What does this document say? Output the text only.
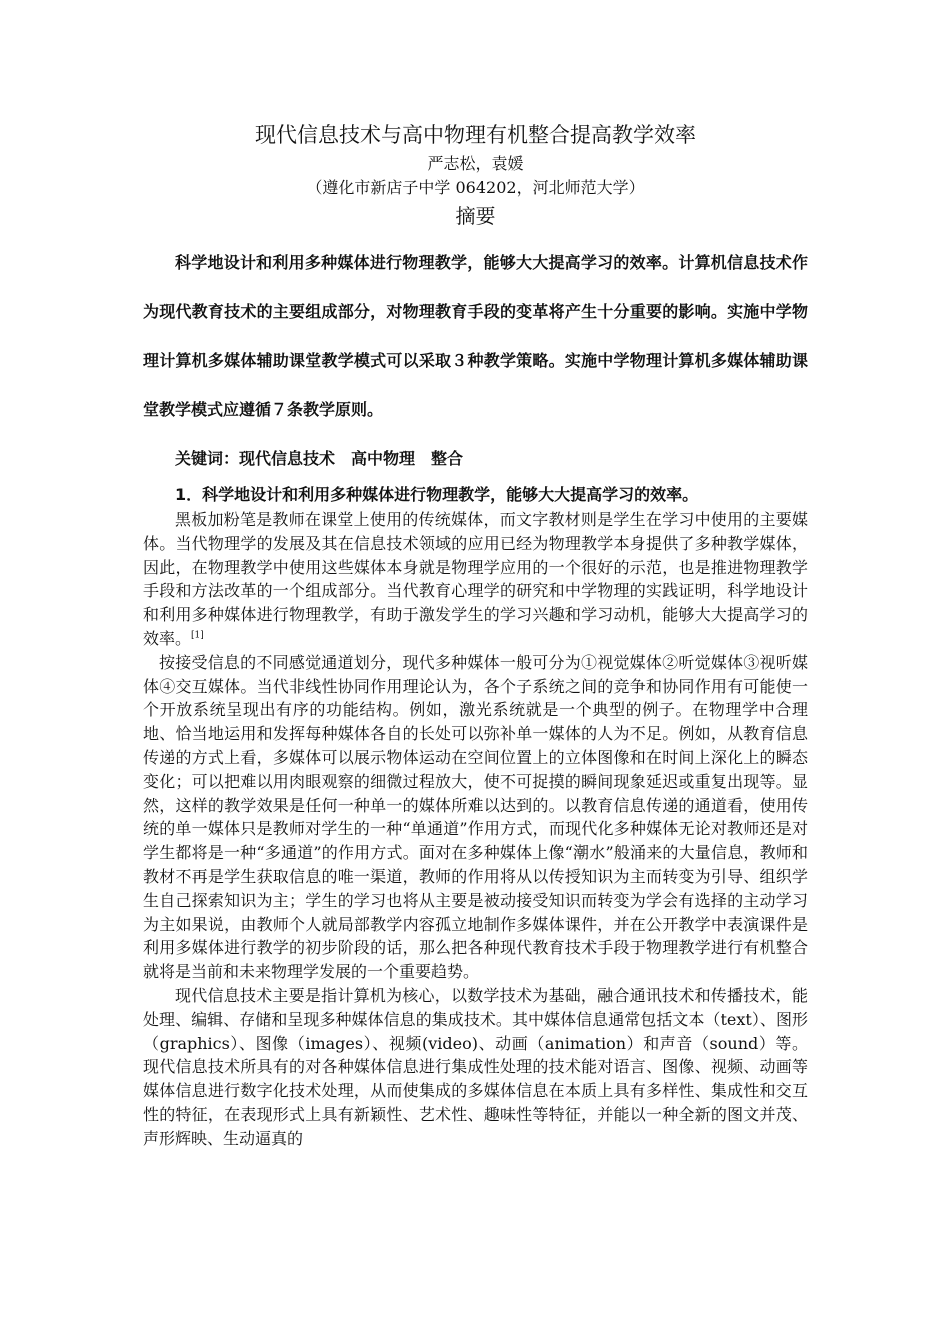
现代信息技术与高中物理有机整合提高教学效率

严志松，袁媛

（遵化市新店子中学 064202，河北师范大学）

摘要

科学地设计和利用多种媒体进行物理教学，能够大大提高学习的效率。计算机信息技术作为现代教育技术的主要组成部分，对物理教育手段的变革将产生十分重要的影响。实施中学物理计算机多媒体辅助课堂教学模式可以采取３种教学策略。实施中学物理计算机多媒体辅助课堂教学模式应遵循７条教学原则。

关键词：现代信息技术　高中物理　整合

1．科学地设计和利用多种媒体进行物理教学，能够大大提高学习的效率。

黑板加粉笔是教师在课堂上使用的传统媒体，而文字教材则是学生在学习中使用的主要媒体。当代物理学的发展及其在信息技术领域的应用已经为物理教学本身提供了多种教学媒体，因此，在物理教学中使用这些媒体本身就是物理学应用的一个很好的示范，也是推进物理教学手段和方法改革的一个组成部分。当代教育心理学的研究和中学物理的实践证明，科学地设计和利用多种媒体进行物理教学，有助于激发学生的学习兴趣和学习动机，能够大大提高学习的效率。[1]

按接受信息的不同感觉通道划分，现代多种媒体一般可分为①视觉媒体②听觉媒体③视听媒体④交互媒体。当代非线性协同作用理论认为，各个子系统之间的竞争和协同作用有可能使一个开放系统呈现出有序的功能结构。例如，激光系统就是一个典型的例子。在物理学中合理地、恰当地运用和发挥每种媒体各自的长处可以弥补单一媒体的人为不足。例如，从教育信息传递的方式上看，多媒体可以展示物体运动在空间位置上的立体图像和在时间上深化上的瞬态变化；可以把难以用肉眼观察的细微过程放大，使不可捉摸的瞬间现象延迟或重复出现等。显然，这样的教学效果是任何一种单一的媒体所难以达到的。以教育信息传递的通道看，使用传统的单一媒体只是教师对学生的一种“单通道”作用方式，而现代化多种媒体无论对教师还是对学生都将是一种“多通道”的作用方式。面对在多种媒体上像“潮水”般涌来的大量信息，教师和教材不再是学生获取信息的唯一渠道，教师的作用将从以传授知识为主而转变为引导、组织学生自己探索知识为主；学生的学习也将从主要是被动接受知识而转变为学会有选择的主动学习为主如果说，由教师个人就局部教学内容孤立地制作多媒体课件，并在公开教学中表演课件是利用多媒体进行教学的初步阶段的话，那么把各种现代教育技术手段于物理教学进行有机整合就将是当前和未来物理学发展的一个重要趋势。

现代信息技术主要是指计算机为核心，以数学技术为基础，融合通讯技术和传播技术，能处理、编辑、存储和呈现多种媒体信息的集成技术。其中媒体信息通常包括文本（text）、图形（graphics）、图像（images）、视频(video)、动画（animation）和声音（sound）等。现代信息技术所具有的对各种媒体信息进行集成性处理的技术能对语言、图像、视频、动画等媒体信息进行数字化技术处理，从而使集成的多媒体信息在本质上具有多样性、集成性和交互性的特征，在表现形式上具有新颖性、艺术性、趣味性等特征，并能以一种全新的图文并茂、声形辉映、生动逼真的
